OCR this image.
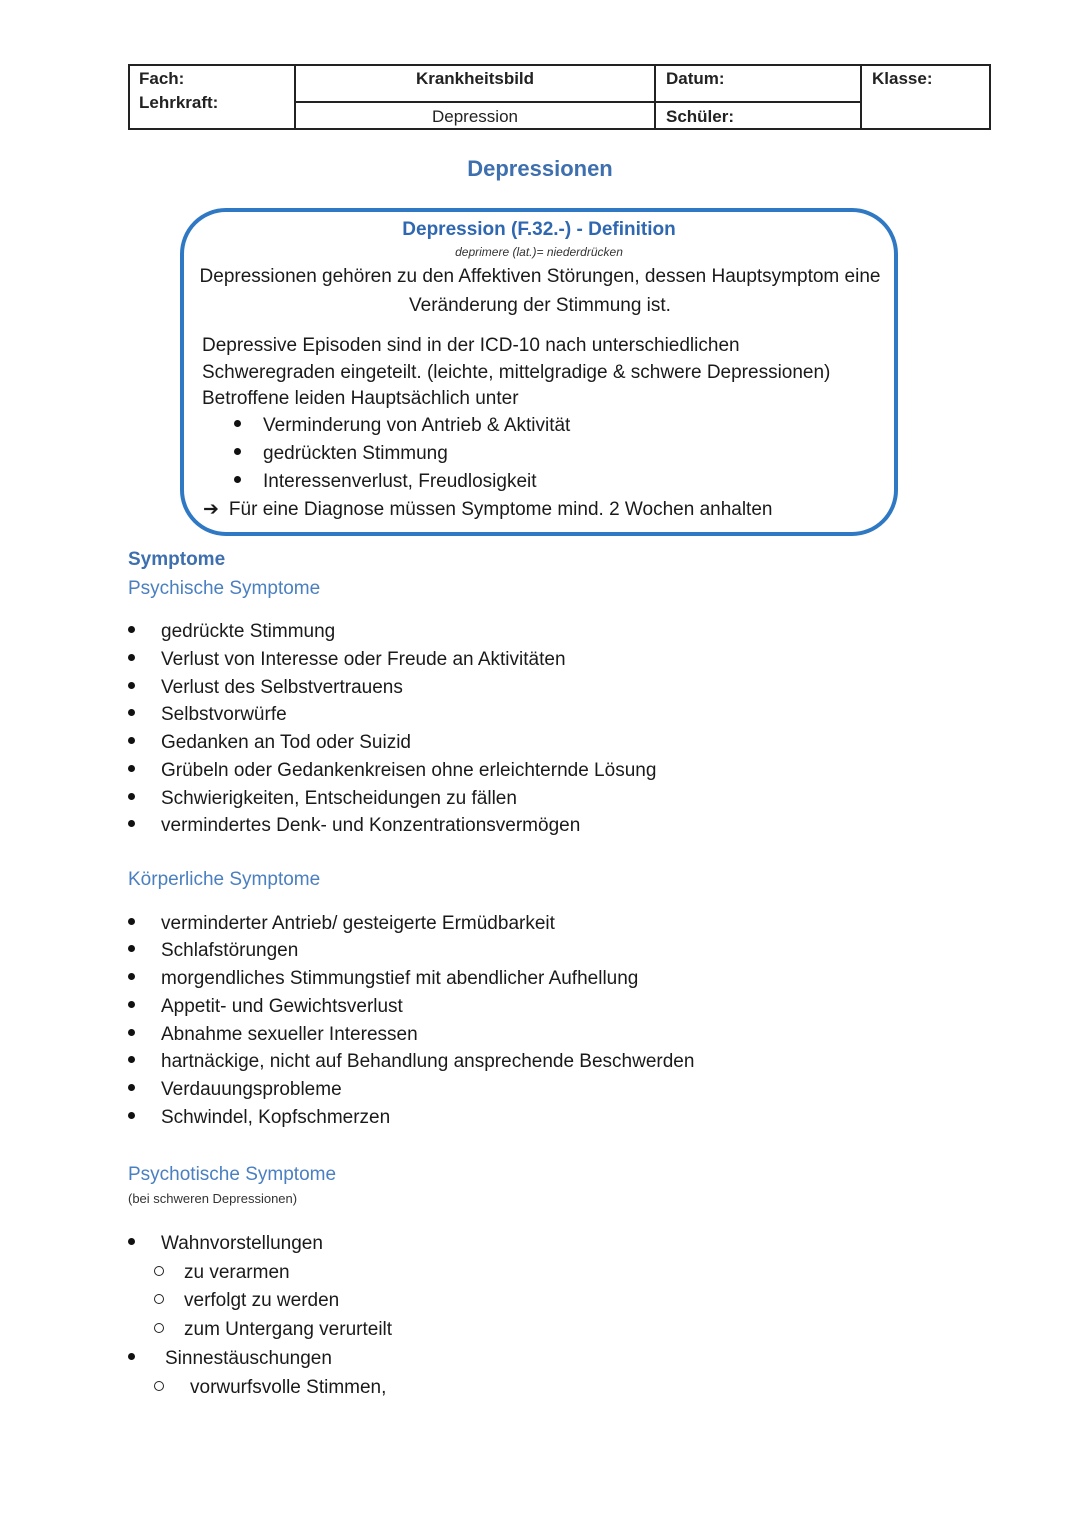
Fach:
Lehrkraft:
Krankheitsbild
Depression
Datum:
Schüler:
Klasse:
Depressionen
Depression (F.32.-) - Definition
deprimere (lat.)= niederdrücken
Depressionen gehören zu den Affektiven Störungen, dessen Hauptsymptom eine Veränderung der Stimmung ist.
Depressive Episoden sind in der ICD-10 nach unterschiedlichen
Schweregraden eingeteilt. (leichte, mittelgradige & schwere Depressionen)
Betroffene leiden Hauptsächlich unter
Verminderung von Antrieb & Aktivität
gedrückten Stimmung
Interessenverlust, Freudlosigkeit
➔ Für eine Diagnose müssen Symptome mind. 2 Wochen anhalten
Symptome
Psychische Symptome
gedrückte Stimmung
Verlust von Interesse oder Freude an Aktivitäten
Verlust des Selbstvertrauens
Selbstvorwürfe
Gedanken an Tod oder Suizid
Grübeln oder Gedankenkreisen ohne erleichternde Lösung
Schwierigkeiten, Entscheidungen zu fällen
vermindertes Denk- und Konzentrationsvermögen
Körperliche Symptome
verminderter Antrieb/ gesteigerte Ermüdbarkeit
Schlafstörungen
morgendliches Stimmungstief mit abendlicher Aufhellung
Appetit- und Gewichtsverlust
Abnahme sexueller Interessen
hartnäckige, nicht auf Behandlung ansprechende Beschwerden
Verdauungsprobleme
Schwindel, Kopfschmerzen
Psychotische Symptome
(bei schweren Depressionen)
Wahnvorstellungen
zu verarmen
verfolgt zu werden
zum Untergang verurteilt
Sinnestäuschungen
vorwurfsvolle Stimmen,
